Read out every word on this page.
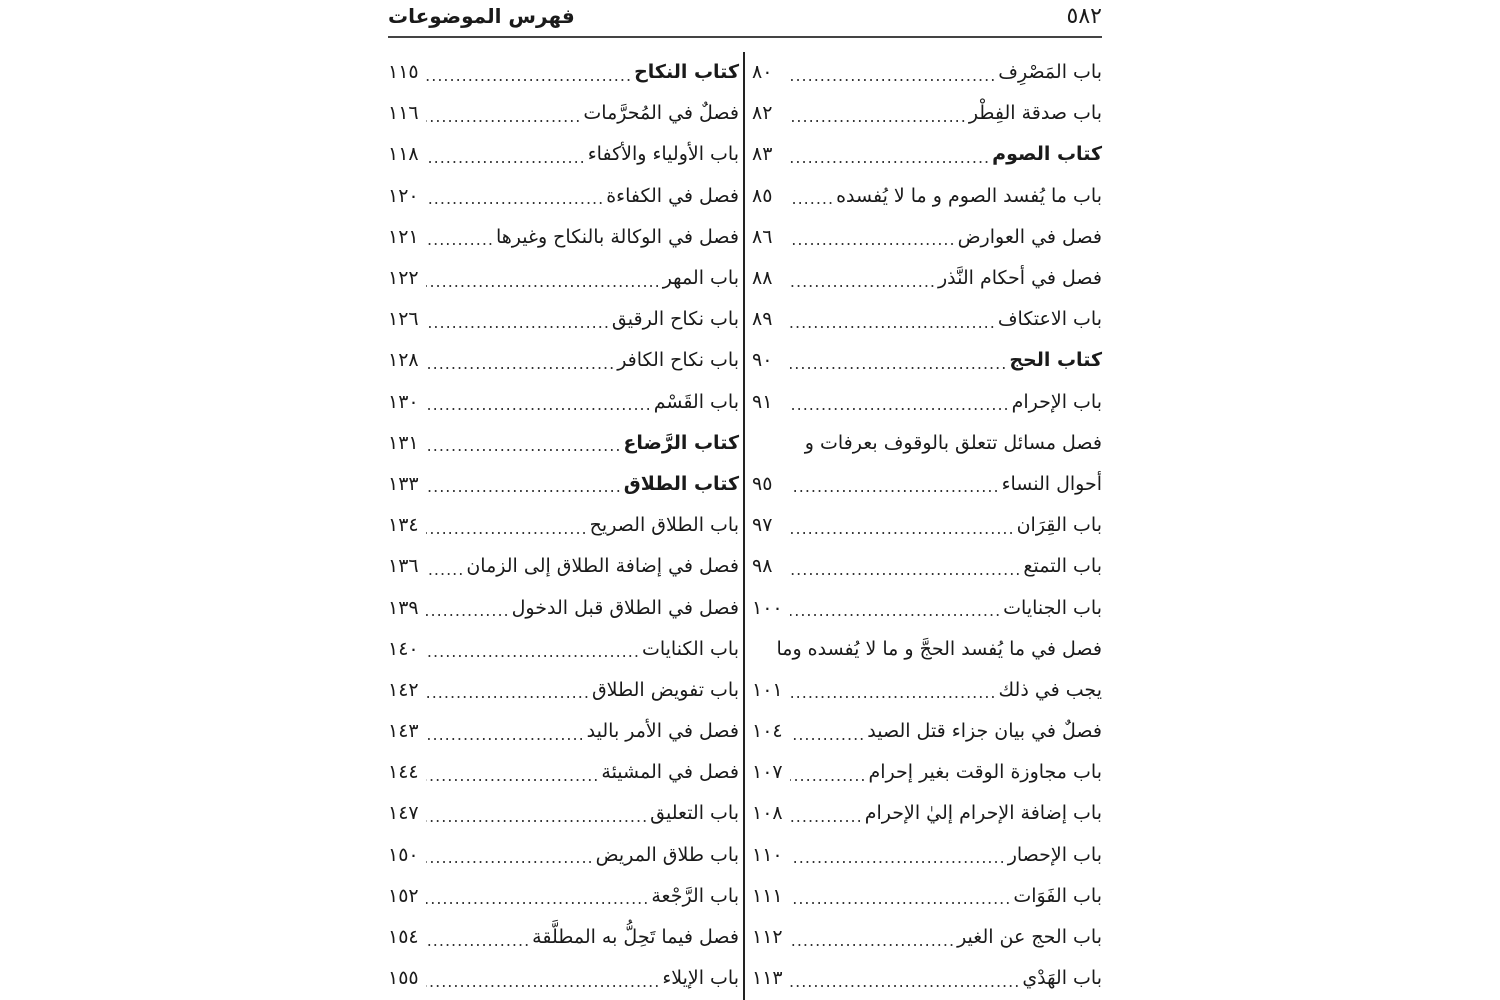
٥٨٢
فهرس الموضوعات
باب المَصْرِف
.....
٨٠
باب صدقة الفِطْر
.....
٨٢
كتاب الصوم
.....
٨٣
باب ما يُفسد الصوم و ما لا يُفسده
.....
٨٥
فصل في العوارض
.....
٨٦
فصل في أحكام النَّذر
.....
٨٨
باب الاعتكاف
.....
٨٩
كتاب الحج
.....
٩٠
باب الإحرام
.....
٩١
فصل مسائل تتعلق بالوقوف بعرفات و
أحوال النساء
.....
٩٥
باب القِرَان
.....
٩٧
باب التمتع
.....
٩٨
باب الجنايات
.....
١٠٠
فصل في ما يُفسد الحجَّ و ما لا يُفسده وما
يجب في ذلك
.....
١٠١
فصلٌ في بيان جزاء قتل الصيد
.....
١٠٤
باب مجاوزة الوقت بغير إحرام
.....
١٠٧
باب إضافة الإحرام إليٰ الإحرام
.....
١٠٨
باب الإحصار
.....
١١٠
باب الفَوَات
.....
١١١
باب الحج عن الغير
.....
١١٢
باب الهَدْي
.....
١١٣
كتاب النكاح
.....
١١٥
فصلٌ في المُحرَّمات
.....
١١٦
باب الأولياء والأكفاء
.....
١١٨
فصل في الكفاءة
.....
١٢٠
فصل في الوكالة بالنكاح وغيرها
.....
١٢١
باب المهر
.....
١٢٢
باب نكاح الرقيق
.....
١٢٦
باب نكاح الكافر
.....
١٢٨
باب القَسْم
.....
١٣٠
كتاب الرَّضاع
.....
١٣١
كتاب الطلاق
.....
١٣٣
باب الطلاق الصريح
.....
١٣٤
فصل في إضافة الطلاق إلى الزمان
.....
١٣٦
فصل في الطلاق قبل الدخول
.....
١٣٩
باب الكنايات
.....
١٤٠
باب تفويض الطلاق
.....
١٤٢
فصل في الأمر باليد
.....
١٤٣
فصل في المشيئة
.....
١٤٤
باب التعليق
.....
١٤٧
باب طلاق المريض
.....
١٥٠
باب الرَّجْعة
.....
١٥٢
فصل فيما تَحِلُّ به المطلَّقة
.....
١٥٤
باب الإيلاء
.....
١٥٥
